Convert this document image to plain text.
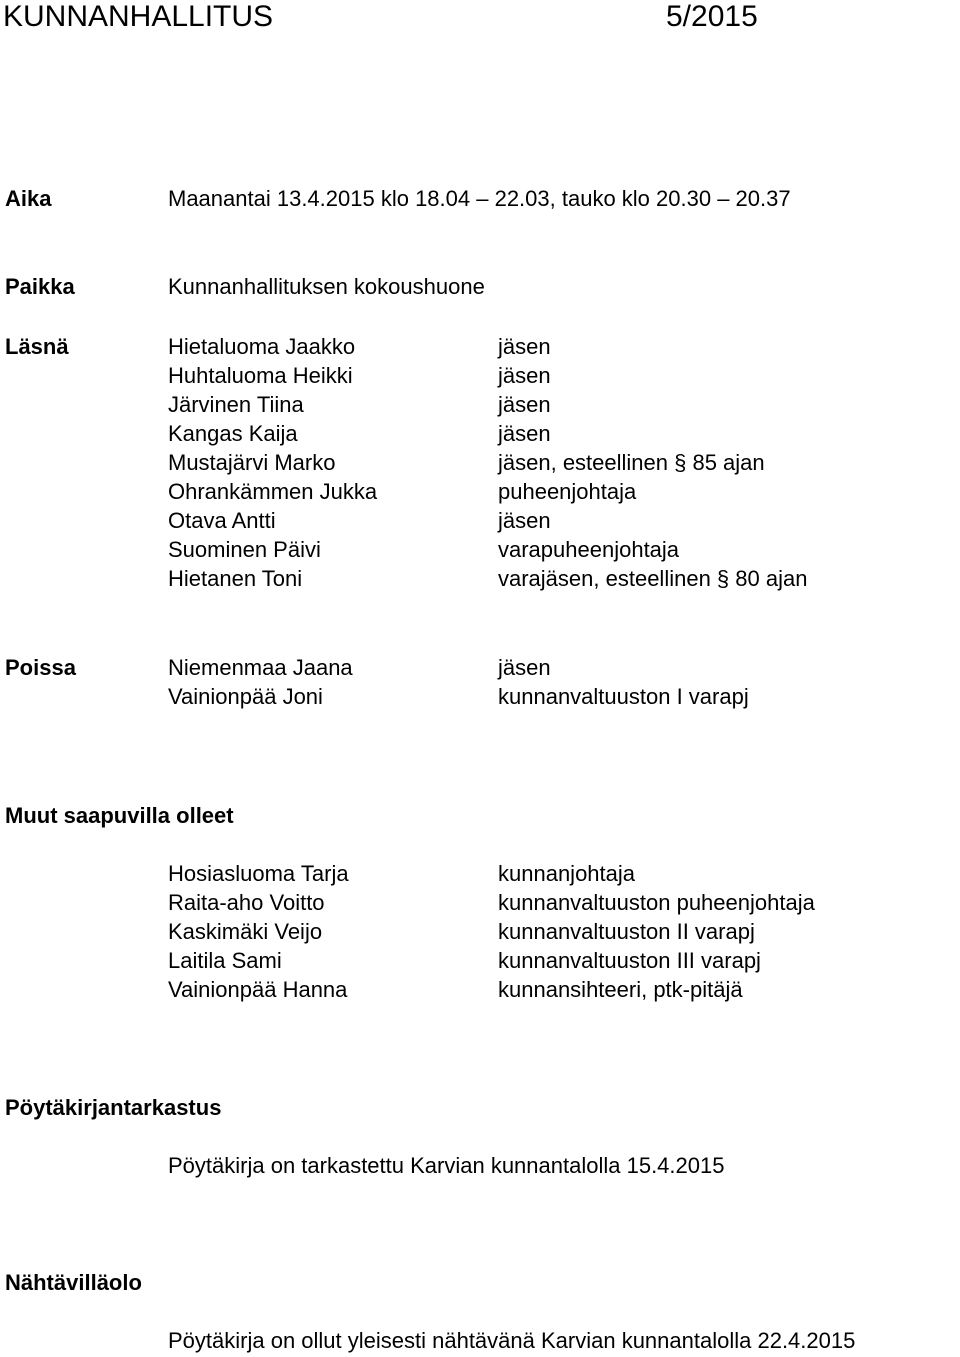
KUNNANHALLITUS	5/2015
Aika	Maanantai 13.4.2015 klo 18.04 – 22.03, tauko klo 20.30 – 20.37
Paikka	Kunnanhallituksen kokoushuone
Läsnä	Hietaluoma Jaakko	jäsen
Huhtaluoma Heikki	jäsen
Järvinen Tiina	jäsen
Kangas Kaija	jäsen
Mustajärvi Marko	jäsen, esteellinen § 85 ajan
Ohrankämmen Jukka	puheenjohtaja
Otava Antti	jäsen
Suominen Päivi	varapuheenjohtaja
Hietanen Toni	varajäsen, esteellinen § 80 ajan
Poissa	Niemenmaa Jaana	jäsen
Vainionpää Joni	kunnanvaltuuston I varapj
Muut saapuvilla olleet
Hosiasluoma Tarja	kunnanjohtaja
Raita-aho Voitto	kunnanvaltuuston puheenjohtaja
Kaskimäki Veijo	kunnanvaltuuston II varapj
Laitila Sami	kunnanvaltuuston III varapj
Vainionpää Hanna	kunnansihteeri, ptk-pitäjä
Pöytäkirjantarkastus
Pöytäkirja on tarkastettu Karvian kunnantalolla 15.4.2015
Nähtävilläolo
Pöytäkirja on ollut yleisesti nähtävänä Karvian kunnantalolla 22.4.2015
